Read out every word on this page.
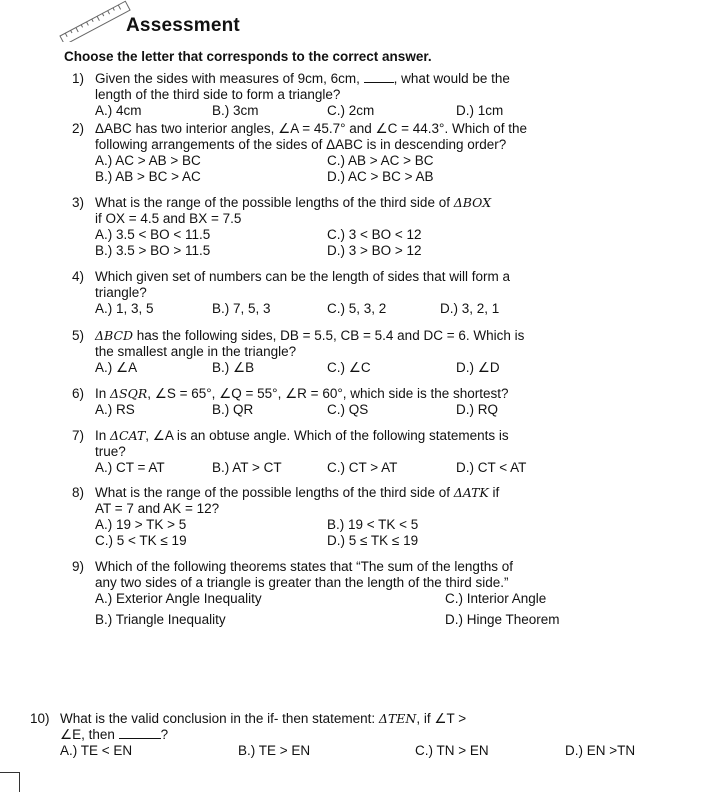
Assessment
Choose the letter that corresponds to the correct answer.
1) Given the sides with measures of 9cm, 6cm, , what would be the
length of the third side to form a triangle?
A.) 4cm	B.) 3cm	C.) 2cm	D.) 1cm
2) ΔABC has two interior angles, ∠A = 45.7° and ∠C = 44.3°. Which of the
following arrangements of the sides of ΔABC is in descending order?
A.) AC > AB > BC	C.) AB > AC > BC
B.) AB > BC > AC	D.) AC > BC > AB
3) What is the range of the possible lengths of the third side of ΔBOX
if OX = 4.5 and BX = 7.5
A.) 3.5 < BO < 11.5	C.) 3 < BO < 12
B.) 3.5 > BO > 11.5	D.) 3 > BO > 12
4) Which given set of numbers can be the length of sides that will form a
triangle?
A.) 1, 3, 5	B.) 7, 5, 3	C.) 5, 3, 2	D.) 3, 2, 1
5) ΔBCD has the following sides, DB = 5.5, CB = 5.4 and DC = 6. Which is
the smallest angle in the triangle?
A.) ∠A	B.) ∠B	C.) ∠C	D.) ∠D
6) In ΔSQR, ∠S = 65°, ∠Q = 55°, ∠R = 60°, which side is the shortest?
A.) RS	B.) QR	C.) QS	D.) RQ
7) In ΔCAT, ∠A is an obtuse angle. Which of the following statements is
true?
A.) CT = AT	B.) AT > CT	C.) CT > AT	D.) CT < AT
8) What is the range of the possible lengths of the third side of ΔATK if
AT = 7 and AK = 12?
A.) 19 > TK > 5	B.) 19 < TK < 5
C.) 5 < TK ≤ 19	D.) 5 ≤ TK ≤ 19
9) Which of the following theorems states that “The sum of the lengths of
any two sides of a triangle is greater than the length of the third side.”
A.) Exterior Angle Inequality	C.) Interior Angle
B.) Triangle Inequality	D.) Hinge Theorem
10) What is the valid conclusion in the if- then statement: ΔTEN, if ∠T >
∠E, then	?
A.) TE < EN	B.) TE > EN	C.) TN > EN	D.) EN >TN
